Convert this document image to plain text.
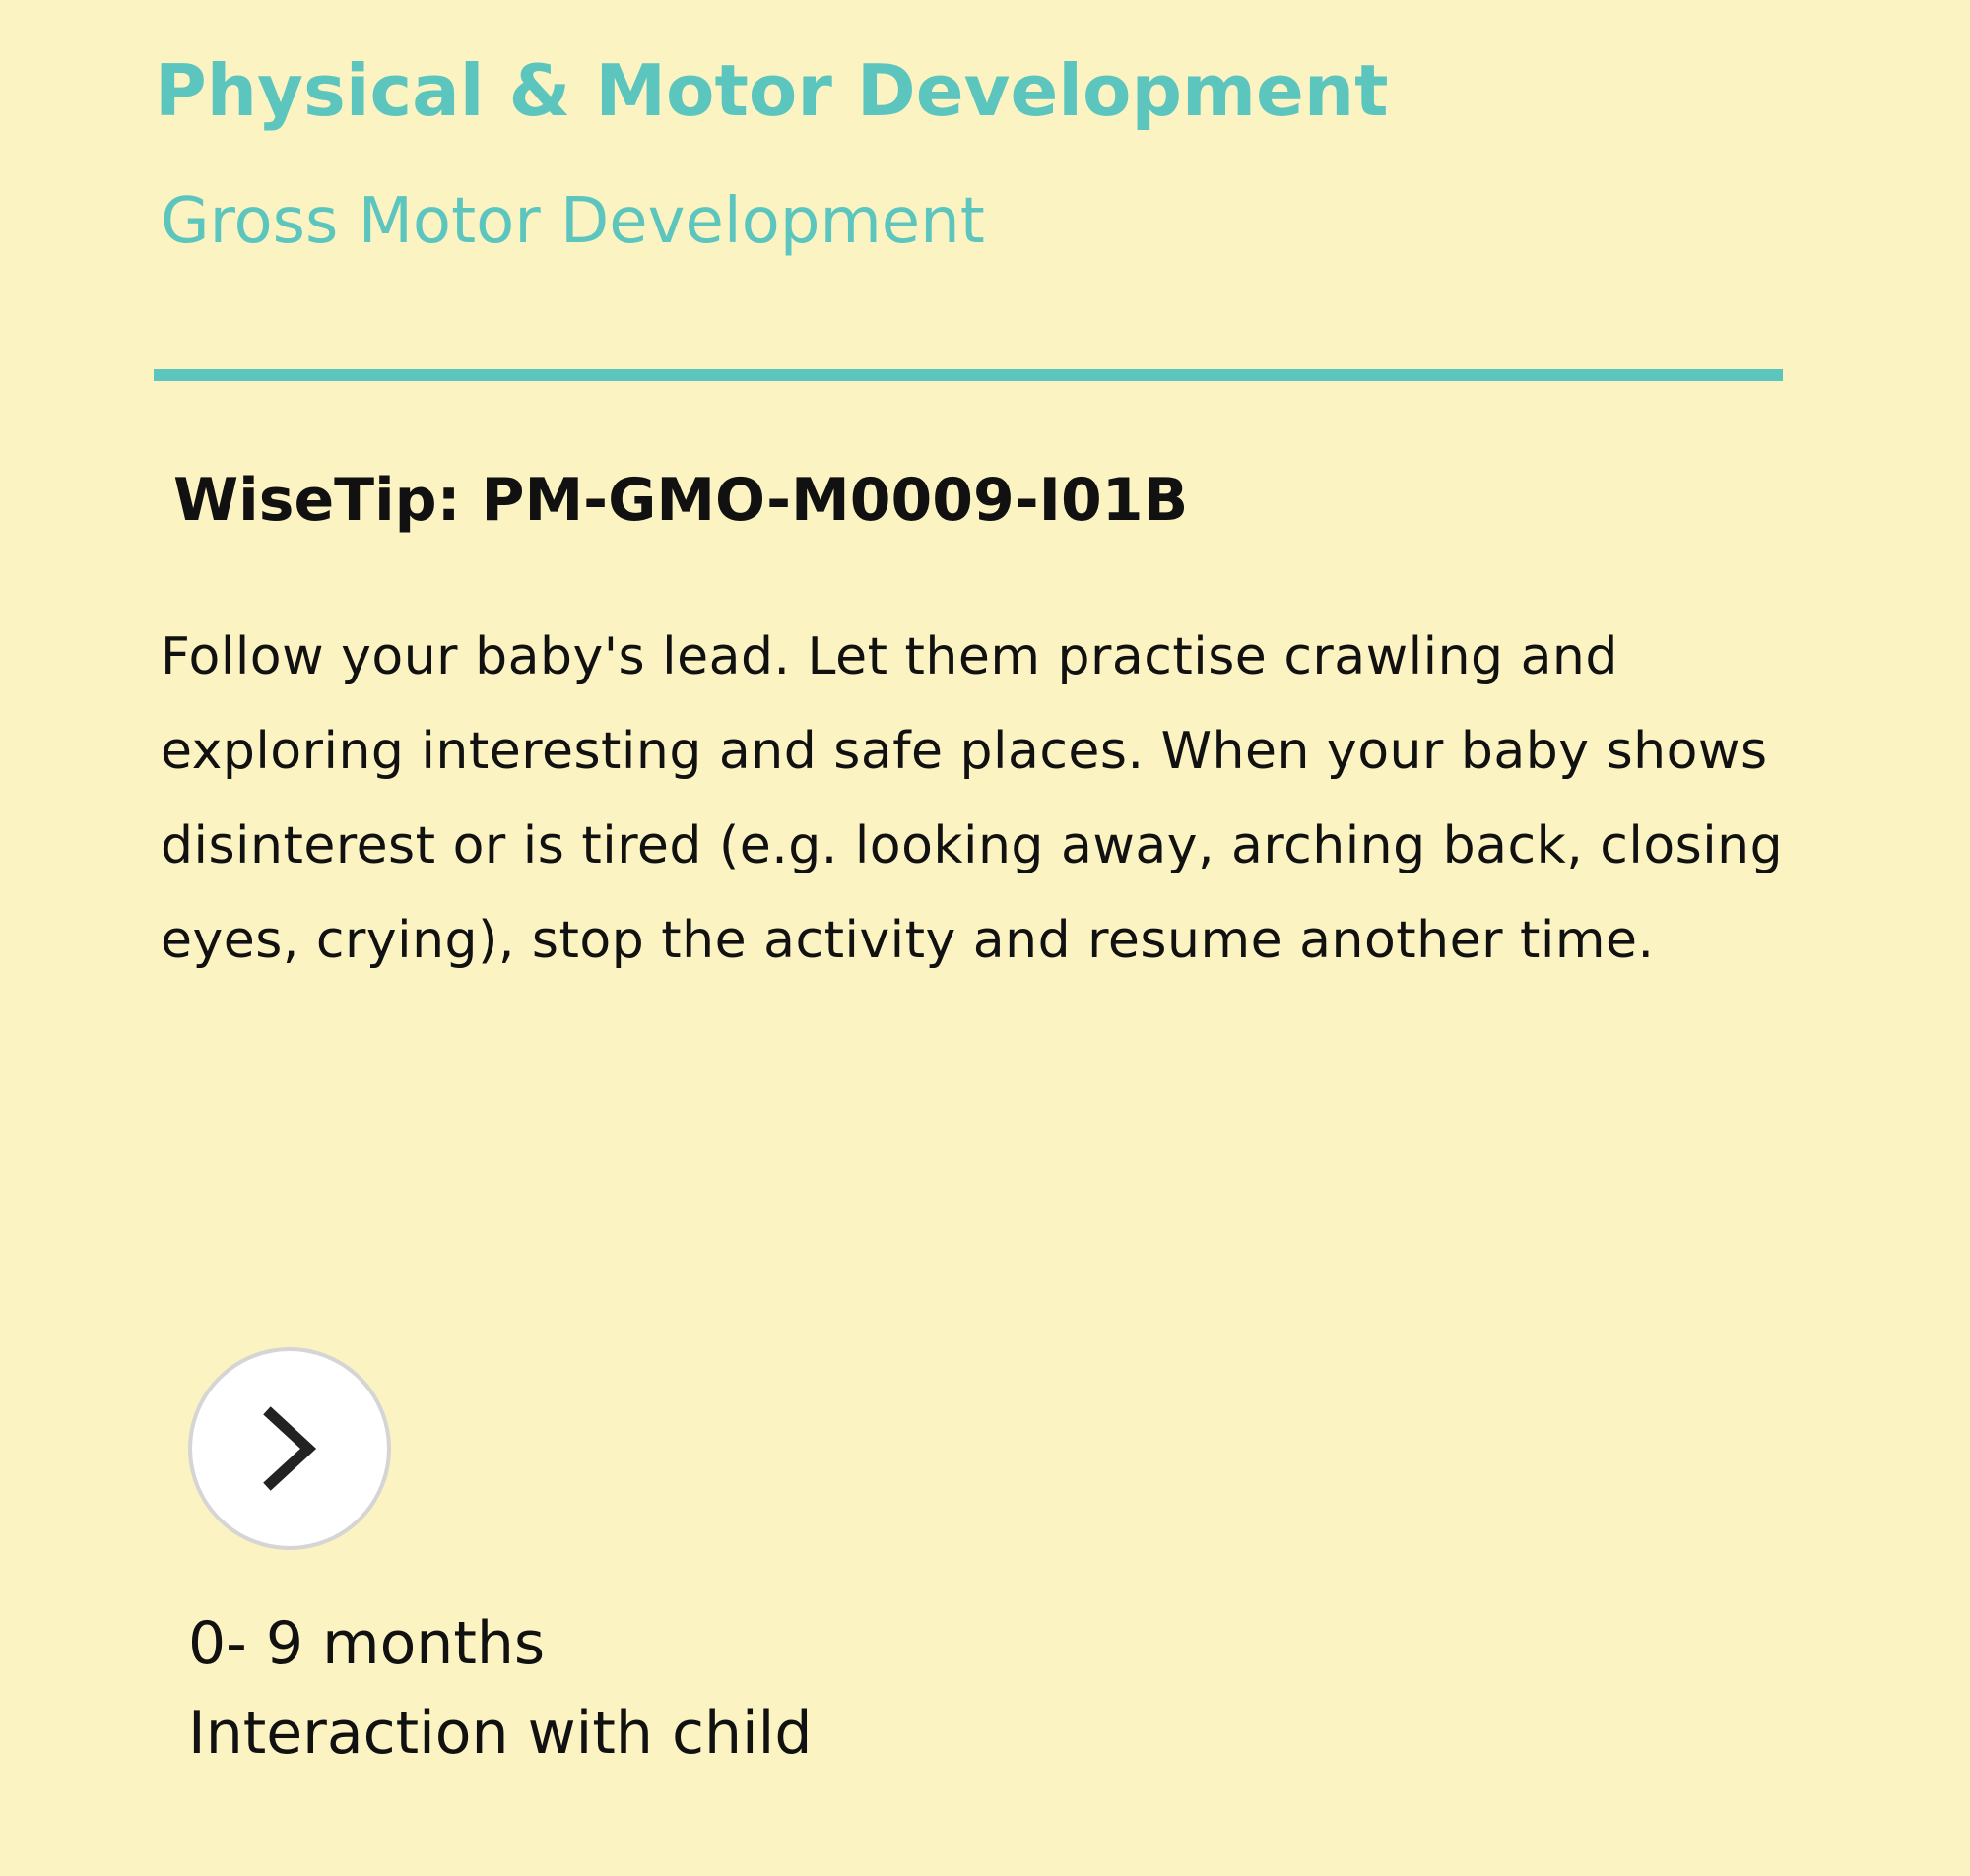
Physical & Motor Development
Gross Motor Development
WiseTip: PM-GMO-M0009-I01B

Follow your baby's lead. Let them practise crawling and exploring interesting and safe places. When your baby shows disinterest or is tired (e.g. looking away, arching back, closing eyes, crying), stop the activity and resume another time.

0- 9 months

Interaction with child
